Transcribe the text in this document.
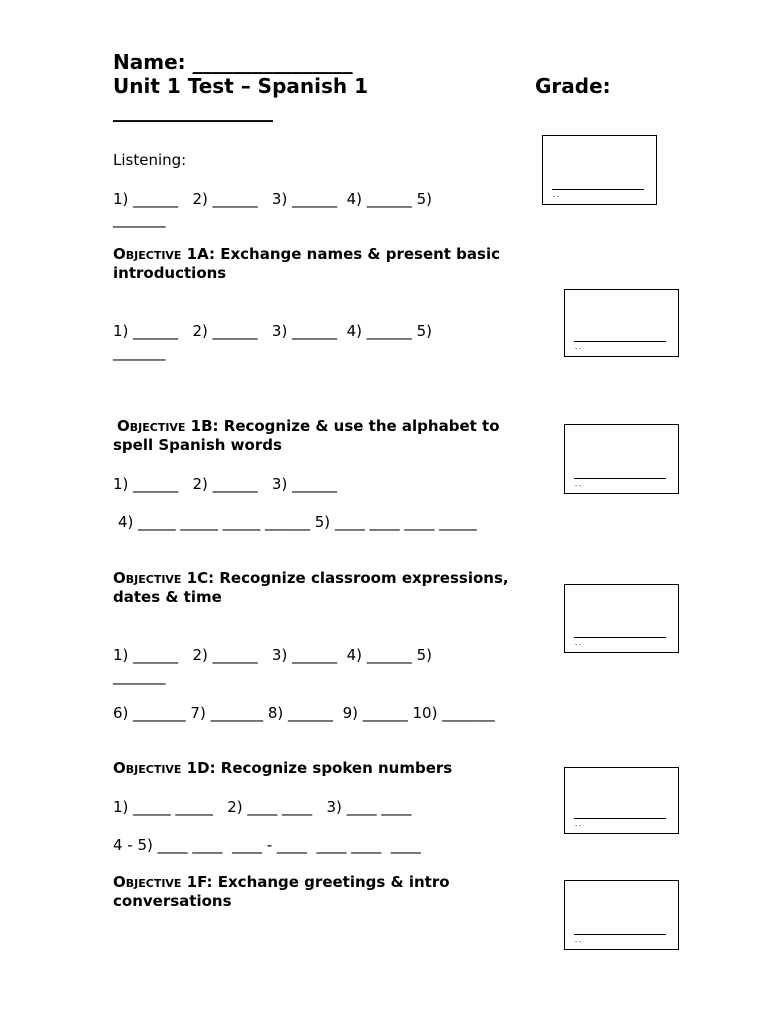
Name: ________________
Unit 1 Test – Spanish 1	Grade:
________________
Listening:
1) ______   2) ______   3) ______  4) ______ 5)
_______
- -
Objective 1A: Exchange names & present basic
introductions
1) ______   2) ______   3) ______  4) ______ 5)
_______	- -
Objective 1B: Recognize & use the alphabet to
spell Spanish words
1) ______   2) ______   3) ______
4) _____ _____ _____ ______ 5) ____ ____ ____ _____
- -
Objective 1C: Recognize classroom expressions,
dates & time
1) ______   2) ______   3) ______  4) ______ 5)
_______
6) _______ 7) _______ 8) ______  9) ______ 10) _______
- -
Objective 1D: Recognize spoken numbers
1) _____ _____   2) ____ ____   3) ____ ____
4 - 5) ____ ____  ____ - ____  ____ ____  ____
- -
Objective 1F: Exchange greetings & intro
conversations
- -
